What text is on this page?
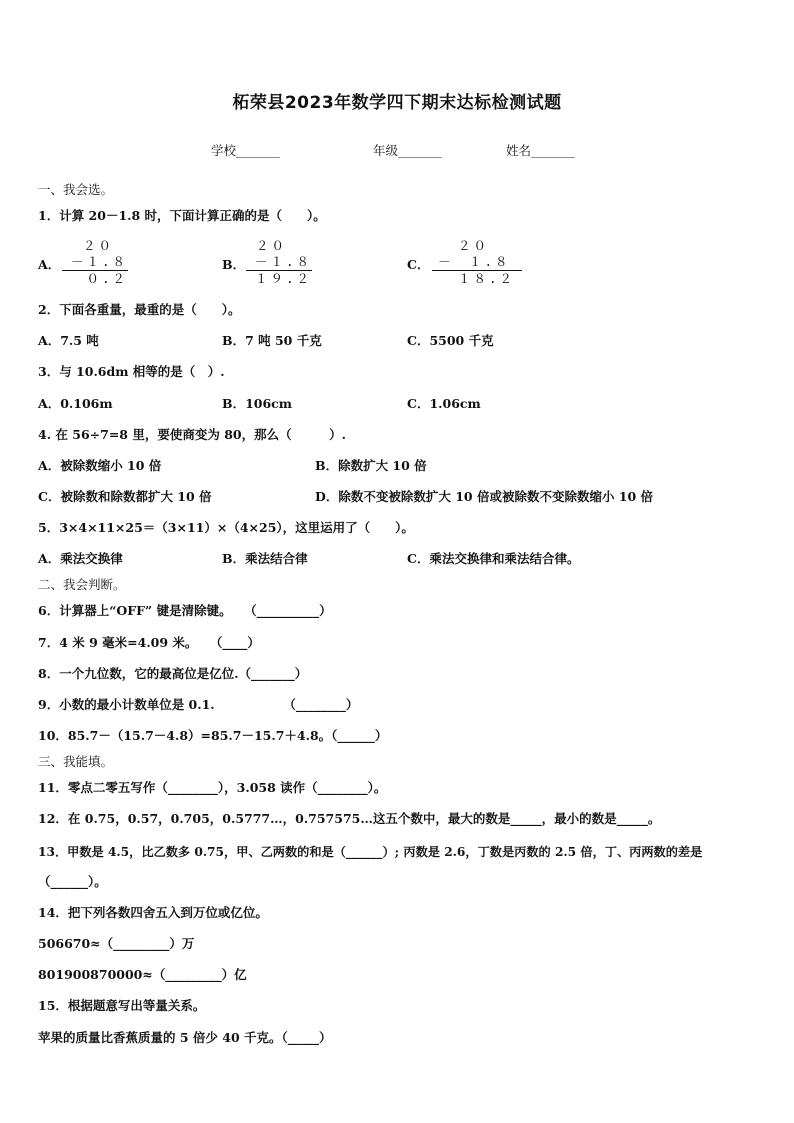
柘荣县2023年数学四下期末达标检测试题
学校_______	年级_______	姓名_______
一、我会选。
1．计算 20－1.8 时，下面计算正确的是（　　）。
A．
２０
－１.８
０.２
B．
２０
－１.８
１９.２
C．
２０
－　１.８
１８.２
2．下面各重量，最重的是（　　）。
A．7.5 吨	B．7 吨 50 千克	C．5500 千克
3．与 10.6dm 相等的是（　）.
A．0.106m	B．106cm	C．1.06cm
4. 在 56÷7=8 里，要使商变为 80，那么（　　　）.
A．被除数缩小 10 倍	B．除数扩大 10 倍
C．被除数和除数都扩大 10 倍	D．除数不变被除数扩大 10 倍或被除数不变除数缩小 10 倍
5．3×4×11×25＝（3×11）×（4×25），这里运用了（　　）。
A．乘法交换律	B．乘法结合律	C．乘法交换律和乘法结合律。
二、我会判断。
6．计算器上“OFF” 键是清除键。　　（__________）
7．4 米 9 毫米=4.09 米。　　（____）
8．一个九位数，它的最高位是亿位.（_______）
9．小数的最小计数单位是 0.1.　　　　　　（________）
10．85.7－（15.7－4.8）=85.7－15.7＋4.8。（______）
三、我能填。
11．零点二零五写作（________），3.058 读作（________）。
12．在 0.75，0.57，0.705，0.5777…，0.757575…这五个数中，最大的数是_____，最小的数是_____。
13．甲数是 4.5，比乙数多 0.75，甲、乙两数的和是（______）; 丙数是 2.6，丁数是丙数的 2.5 倍，丁、丙两数的差是
（______）。
14．把下列各数四舍五入到万位或亿位。
506670≈（_________）万
801900870000≈（_________）亿
15．根据题意写出等量关系。
苹果的质量比香蕉质量的 5 倍少 40 千克。（_____）
